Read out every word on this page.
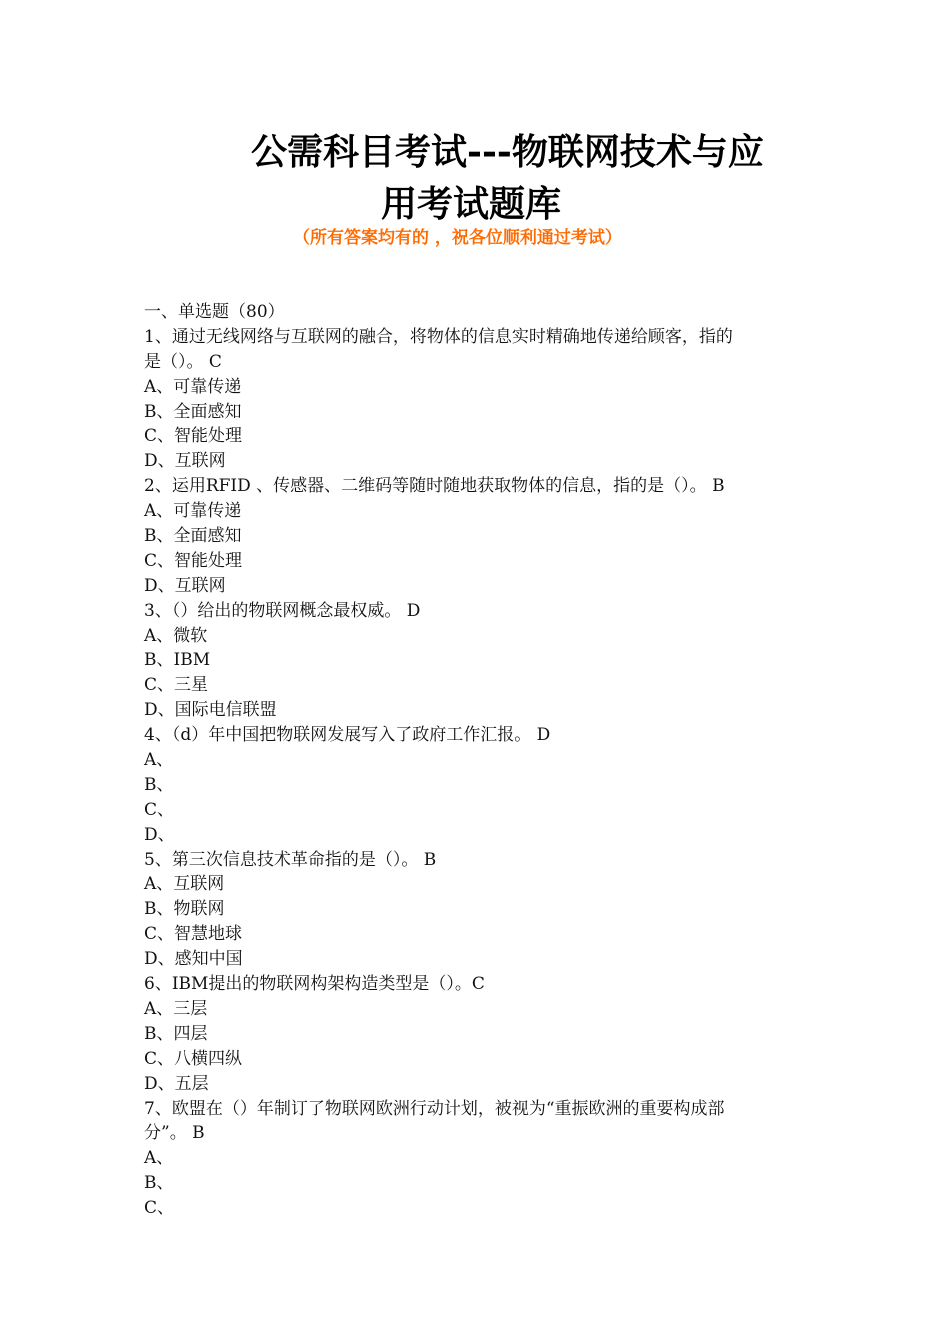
公需科目考试---物联网技术与应
用考试题库
（所有答案均有的 ，祝各位顺利通过考试）
一、单选题（80）
1、通过无线网络与互联网的融合，将物体的信息实时精确地传递给顾客，指的
是（）。 C
A、可靠传递
B、全面感知
C、智能处理
D、互联网
2、运用RFID 、传感器、二维码等随时随地获取物体的信息，指的是（）。 B
A、可靠传递
B、全面感知
C、智能处理
D、互联网
3、（）给出的物联网概念最权威。 D
A、微软
B、IBM
C、三星
D、国际电信联盟
4、（d）年中国把物联网发展写入了政府工作汇报。 D
A、
B、
C、
D、
5、第三次信息技术革命指的是（）。 B
A、互联网
B、物联网
C、智慧地球
D、感知中国
6、IBM提出的物联网构架构造类型是（）。C
A、三层
B、四层
C、八横四纵
D、五层
7、欧盟在（）年制订了物联网欧洲行动计划，被视为“重振欧洲的重要构成部
分”。 B
A、
B、
C、
